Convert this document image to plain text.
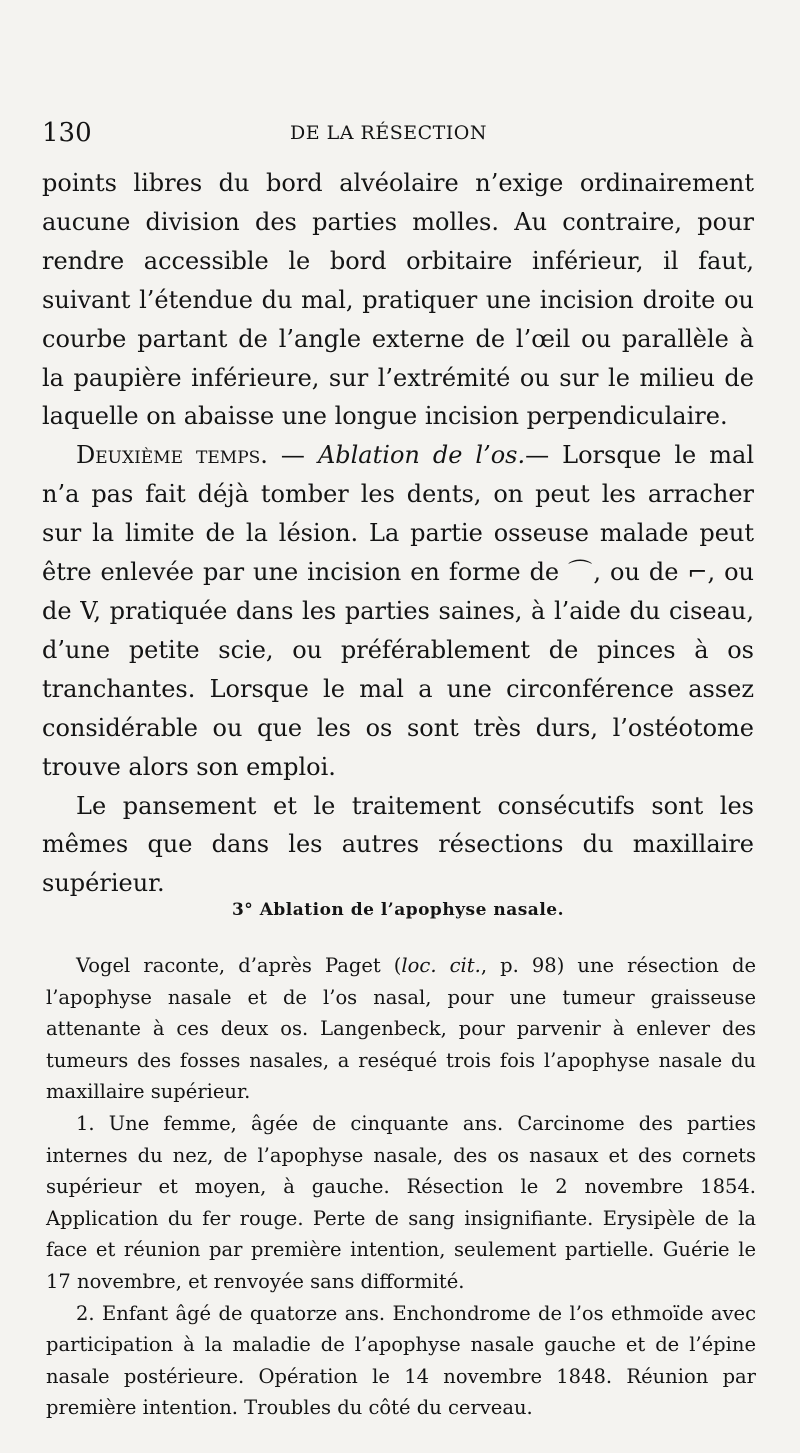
130	DE LA RÉSECTION

points libres du bord alvéolaire n’exige ordinairement aucune division des parties molles. Au contraire, pour rendre accessible le bord orbitaire inférieur, il faut, suivant l’étendue du mal, pratiquer une incision droite ou courbe partant de l’angle externe de l’œil ou parallèle à la paupière inférieure, sur l’extrémité ou sur le milieu de laquelle on abaisse une longue incision perpendiculaire.

Deuxième temps. — Ablation de l’os.— Lorsque le mal n’a pas fait déjà tomber les dents, on peut les arracher sur la limite de la lésion. La partie osseuse malade peut être enlevée par une incision en forme de ⌒, ou de ⌐, ou de V, pratiquée dans les parties saines, à l’aide du ciseau, d’une petite scie, ou préférablement de pinces à os tranchantes. Lorsque le mal a une circonférence assez considérable ou que les os sont très durs, l’ostéotome trouve alors son emploi.

Le pansement et le traitement consécutifs sont les mêmes que dans les autres résections du maxillaire supérieur.

3° Ablation de l’apophyse nasale.

Vogel raconte, d’après Paget (loc. cit., p. 98) une résection de l’apophyse nasale et de l’os nasal, pour une tumeur graisseuse attenante à ces deux os. Langenbeck, pour parvenir à enlever des tumeurs des fosses nasales, a reséqué trois fois l’apophyse nasale du maxillaire supérieur.

1. Une femme, âgée de cinquante ans. Carcinome des parties internes du nez, de l’apophyse nasale, des os nasaux et des cornets supérieur et moyen, à gauche. Résection le 2 novembre 1854. Application du fer rouge. Perte de sang insignifiante. Erysipèle de la face et réunion par première intention, seulement partielle. Guérie le 17 novembre, et renvoyée sans difformité.

2. Enfant âgé de quatorze ans. Enchondrome de l’os ethmoïde avec participation à la maladie de l’apophyse nasale gauche et de l’épine nasale postérieure. Opération le 14 novembre 1848. Réunion par première intention. Troubles du côté du cerveau.
